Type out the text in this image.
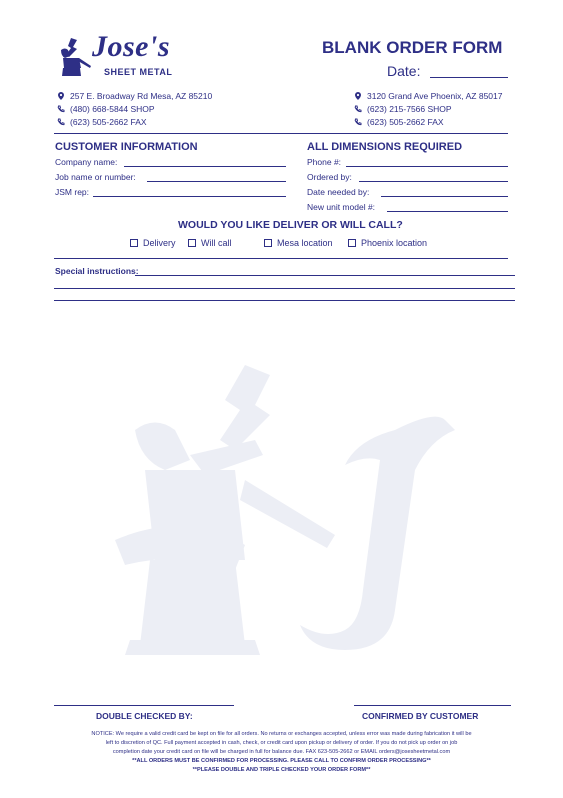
Jose's
SHEET METAL
BLANK ORDER FORM
Date:
257 E. Broadway Rd Mesa, AZ 85210
(480) 668-5844 SHOP
(623) 505-2662 FAX
3120 Grand Ave Phoenix, AZ 85017
(623) 215-7566 SHOP
(623) 505-2662 FAX
CUSTOMER INFORMATION
Company name:
Job name or number:
JSM rep:
ALL DIMENSIONS REQUIRED
Phone #:
Ordered by:
Date needed by:
New unit model #:
WOULD YOU LIKE DELIVER OR WILL CALL?
Delivery	Will call	Mesa location	Phoenix location
Special instructions:
DOUBLE CHECKED BY:	CONFIRMED BY CUSTOMER
NOTICE: We require a valid credit card be kept on file for all orders. No returns or exchanges accepted, unless error was made during fabrication it will be
left to discretion of QC. Full payment accepted in cash, check, or credit card upon pickup or delivery of order. If you do not pick up order on job
completion date your credit card on file will be charged in full for balance due. FAX 623-505-2662 or EMAIL orders@josesheetmetal.com
**ALL ORDERS MUST BE CONFIRMED FOR PROCESSING. PLEASE CALL TO CONFIRM ORDER PROCESSING**
**PLEASE DOUBLE AND TRIPLE CHECKED YOUR ORDER FORM**
